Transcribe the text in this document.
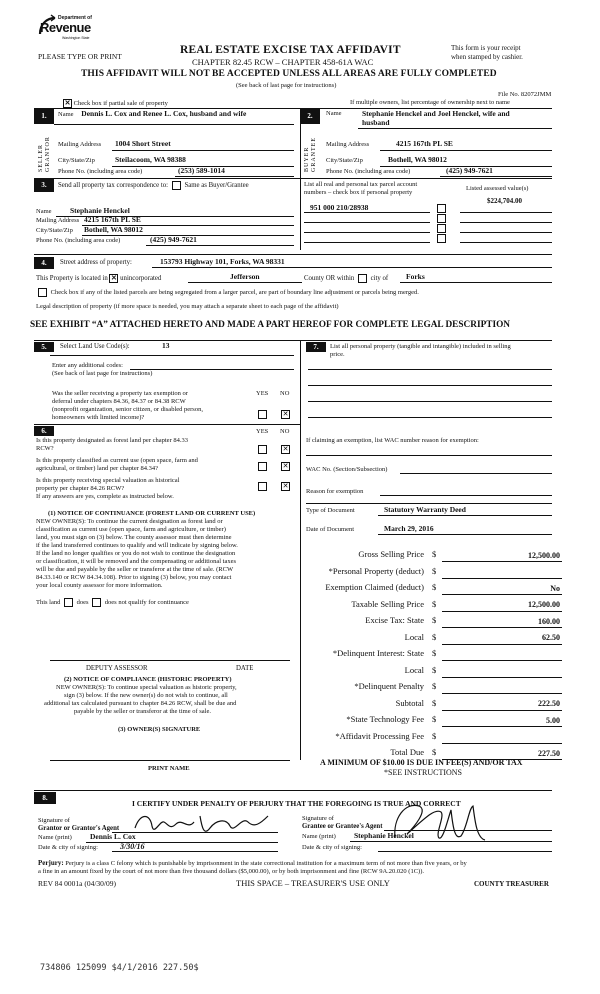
Department of
Revenue
Washington State
PLEASE TYPE OR PRINT
REAL ESTATE EXCISE TAX AFFIDAVIT
CHAPTER 82.45 RCW – CHAPTER 458-61A WAC
This form is your receipt
when stamped by cashier.
THIS AFFIDAVIT WILL NOT BE ACCEPTED UNLESS ALL AREAS ARE FULLY COMPLETED
(See back of last page for instructions)
File No. 82072JMM
✕ Check box if partial sale of property	If multiple owners, list percentage of ownership next to name
1.	2.
SELLER GRANTOR	BUYER GRANTEE
Name Dennis L. Cox and Renee L. Cox, husband and wife
Mailing Address 1004 Short Street
City/State/Zip	Steilacoom, WA 98388
Phone No. (including area code)	(253) 589-1014
Name	Stephanie Henckel and Joel Henckel, wife and
husband
Mailing Address	4215 167th PL SE
City/State/Zip	Bothell, WA 98012
Phone No. (including area code)	(425) 949-7621
3.	Send all property tax correspondence to: Same as Buyer/Grantee
Name Stephanie Henckel
Mailing Address 4215 167th PL SE
City/State/Zip Bothell, WA 98012
Phone No. (including area code)	(425) 949-7621
List all real and personal tax parcel account
numbers – check box if personal property
Listed assessed value(s)
$224,704.00
951 000 210/28938
4.	Street address of property:	153793 Highway 101, Forks, WA 98331
This Property is located in ✕ unincorporated	Jefferson	County OR within city of Forks
Check box if any of the listed parcels are being segregated from a larger parcel, are part of boundary line adjustment or parcels being merged.
Legal description of property (if more space is needed, you may attach a separate sheet to each page of the affidavit)
SEE EXHIBIT “A” ATTACHED HERETO AND MADE A PART HEREOF FOR COMPLETE LEGAL DESCRIPTION
5.	Select Land Use Code(s):	13
Enter any additional codes:
(See back of last page for instructions)
YES NO
Was the seller receiving a property tax exemption or
deferral under chapters 84.36, 84.37 or 84.38 RCW
(nonprofit organization, senior citizen, or disabled person,
homeowners with limited income)?	✕
6.	YES NO
Is this property designated as forest land per chapter 84.33
RCW?	✕
Is this property classified as current use (open space, farm and
agricultural, or timber) land per chapter 84.34?	✕
Is this property receiving special valuation as historical
property per chapter 84.26 RCW?	✕
If any answers are yes, complete as instructed below.
(1) NOTICE OF CONTINUANCE (FOREST LAND OR CURRENT USE)
NEW OWNER(S): To continue the current designation as forest land or
classification as current use (open space, farm and agriculture, or timber)
land, you must sign on (3) below. The county assessor must then determine
if the land transferred continues to qualify and will indicate by signing below.
If the land no longer qualifies or you do not wish to continue the designation
or classification, it will be removed and the compensating or additional taxes
will be due and payable by the seller or transferor at the time of sale. (RCW
84.33.140 or RCW 84.34.108). Prior to signing (3) below, you may contact
your local county assessor for more information.
This land	does	does not qualify for continuance
DEPUTY ASSESSOR	DATE
(2) NOTICE OF COMPLIANCE (HISTORIC PROPERTY)
NEW OWNER(S): To continue special valuation as historic property,
sign (3) below. If the new owner(s) do not wish to continue, all
additional tax calculated pursuant to chapter 84.26 RCW, shall be due and
payable by the seller or transferor at the time of sale.
(3) OWNER(S) SIGNATURE
PRINT NAME
7.	List all personal property (tangible and intangible) included in selling
price.
If claiming an exemption, list WAC number reason for exemption:
WAC No. (Section/Subsection)
Reason for exemption
Type of Document	Statutory Warranty Deed
Date of Document	March 29, 2016
Gross Selling Price $	12,500.00
*Personal Property (deduct) $
Exemption Claimed (deduct) $	No
Taxable Selling Price $	12,500.00
Excise Tax: State $	160.00
Local $	62.50
*Delinquent Interest: State $
Local $
*Delinquent Penalty $
Subtotal $	222.50
*State Technology Fee $	5.00
*Affidavit Processing Fee $
Total Due $	227.50
A MINIMUM OF $10.00 IS DUE IN FEE(S) AND/OR TAX
*SEE INSTRUCTIONS
8.
I CERTIFY UNDER PENALTY OF PERJURY THAT THE FOREGOING IS TRUE AND CORRECT
Signature of
Grantor or Grantor's Agent
Name (print) Dennis L. Cox
Date & city of signing:	3/30/16
Signature of
Grantee or Grantee's Agent
Name (print) Stephanie Henckel
Date & city of signing:
Perjury: Perjury is a class C felony which is punishable by imprisonment in the state correctional institution for a maximum term of not more than five years, or by
a fine in an amount fixed by the court of not more than five thousand dollars ($5,000.00), or by both imprisonment and fine (RCW 9A.20.020 (1C)).
REV 84 0001a (04/30/09)	THIS SPACE – TREASURER'S USE ONLY	COUNTY TREASURER
734806 125099 $4/1/2016 227.50$
